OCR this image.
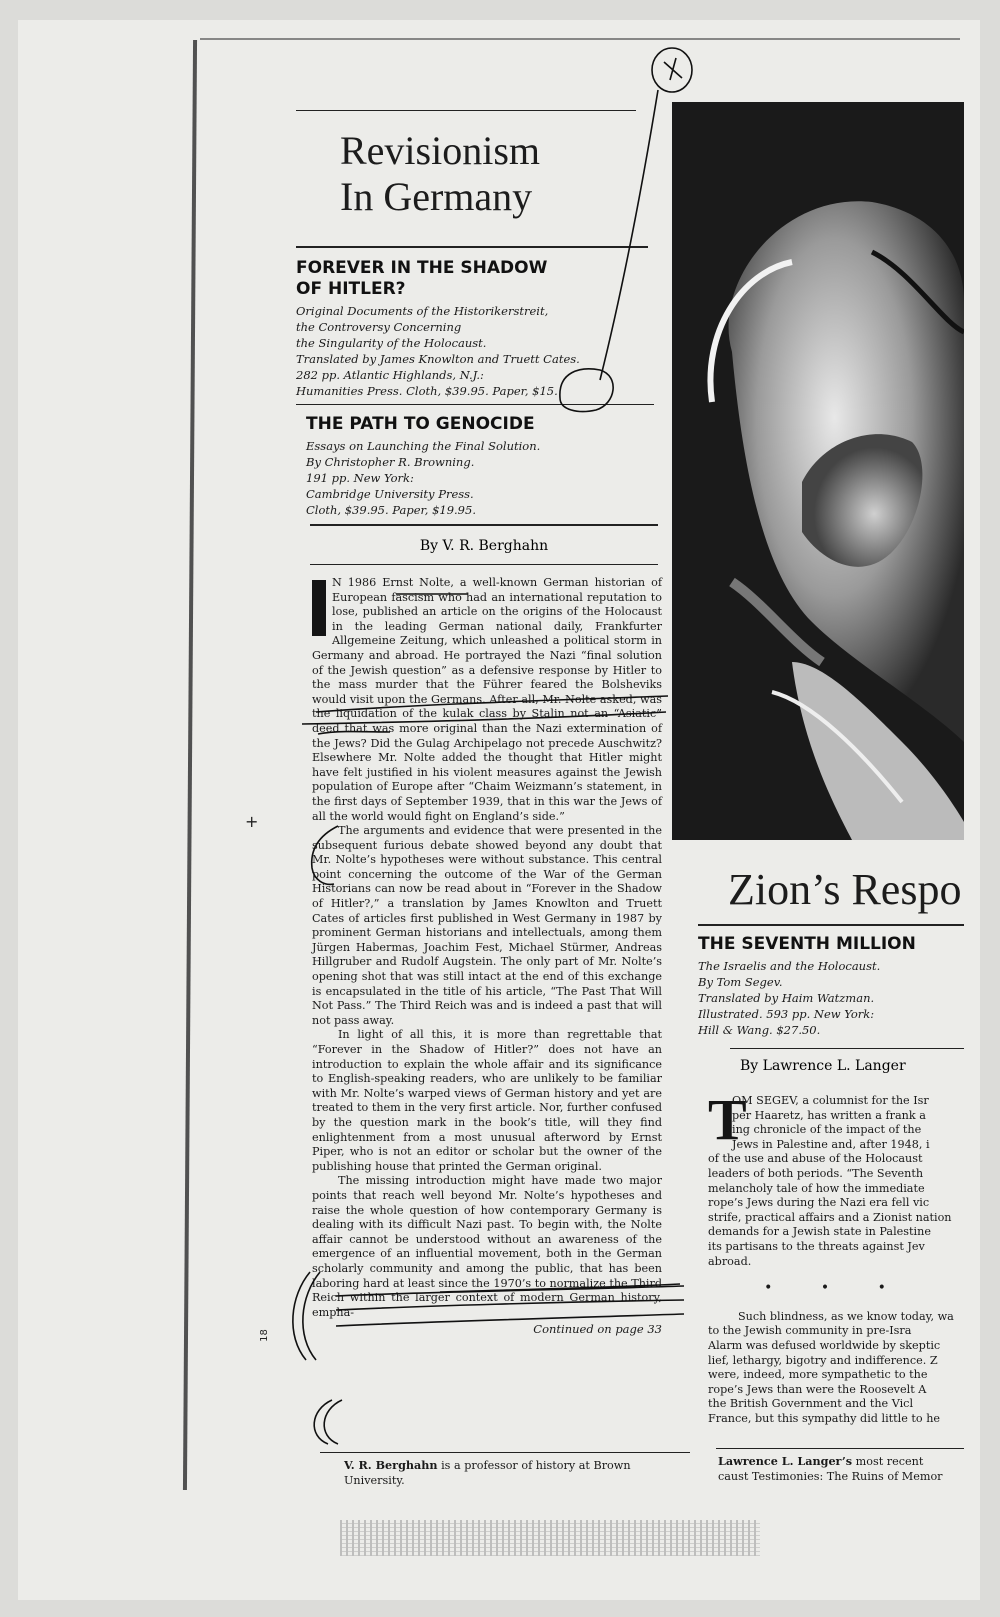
Revisionism
In Germany
FOREVER IN THE SHADOW OF HITLER?

Original Documents of the Historikerstreit,

the Controversy Concerning

the Singularity of the Holocaust.

Translated by James Knowlton and Truett Cates.

282 pp. Atlantic Highlands, N.J.:

Humanities Press. Cloth, $39.95. Paper, $15.

THE PATH TO GENOCIDE

Essays on Launching the Final Solution.

By Christopher R. Browning.

191 pp. New York:

Cambridge University Press.

Cloth, $39.95. Paper, $19.95.

By V. R. Berghahn
I	N 1986 Ernst Nolte, a well-known German historian of European fascism who had an international reputation to lose, published an article on the origins of the Holocaust in the leading German national daily, Frankfurter Allgemeine Zeitung, which unleashed a political storm in Germany and abroad. He portrayed the Nazi “final solution of the Jewish question” as a defensive response by Hitler to the mass murder that the Führer feared the Bolsheviks would visit upon the Germans. After all, Mr. Nolte asked, was the liquidation of the kulak class by Stalin not an “Asiatic” deed that was more original than the Nazi extermination of the Jews? Did the Gulag Archipelago not precede Auschwitz? Elsewhere Mr. Nolte added the thought that Hitler might have felt justified in his violent measures against the Jewish population of Europe after “Chaim Weizmann’s statement, in the first days of September 1939, that in this war the Jews of all the world would fight on England’s side.”

The arguments and evidence that were presented in the subsequent furious debate showed beyond any doubt that Mr. Nolte’s hypotheses were without substance. This central point concerning the outcome of the War of the German Historians can now be read about in “Forever in the Shadow of Hitler?,” a translation by James Knowlton and Truett Cates of articles first published in West Germany in 1987 by prominent German historians and intellectuals, among them Jürgen Habermas, Joachim Fest, Michael Stürmer, Andreas Hillgruber and Rudolf Augstein. The only part of Mr. Nolte’s opening shot that was still intact at the end of this exchange is encapsulated in the title of his article, “The Past That Will Not Pass.” The Third Reich was and is indeed a past that will not pass away.

In light of all this, it is more than regrettable that “Forever in the Shadow of Hitler?” does not have an introduction to explain the whole affair and its significance to English-speaking readers, who are unlikely to be familiar with Mr. Nolte’s warped views of German history and yet are treated to them in the very first article. Nor, further confused by the question mark in the book’s title, will they find enlightenment from a most unusual afterword by Ernst Piper, who is not an editor or scholar but the owner of the publishing house that printed the German original.

The missing introduction might have made two major points that reach well beyond Mr. Nolte’s hypotheses and raise the whole question of how contemporary Germany is dealing with its difficult Nazi past. To begin with, the Nolte affair cannot be understood without an awareness of the emergence of an influential movement, both in the German scholarly community and among the public, that has been laboring hard at least since the 1970’s to normalize the Third Reich within the larger context of modern German history, empha-

Continued on page 33
V. R. Berghahn is a professor of history at Brown University.
Zion’s Respo
THE SEVENTH MILLION

The Israelis and the Holocaust.

By Tom Segev.

Translated by Haim Watzman.

Illustrated. 593 pp. New York:

Hill & Wang. $27.50.

By Lawrence L. Langer
T
OM SEGEV, a columnist for the Isr
per Haaretz, has written a frank a
ing chronicle of the impact of the
Jews in Palestine and, after 1948, i
of the use and abuse of the Holocaust
leaders of both periods. “The Seventh
melancholy tale of how the immediate
rope’s Jews during the Nazi era fell vic
strife, practical affairs and a Zionist nation
demands for a Jewish state in Palestine
its partisans to the threats against Jev
abroad.
• • •
Such blindness, as we know today, wa
to the Jewish community in pre-Isra
Alarm was defused worldwide by skeptic
lief, lethargy, bigotry and indifference. Z
were, indeed, more sympathetic to the
rope’s Jews than were the Roosevelt A
the British Government and the Vicl
France, but this sympathy did little to he
Lawrence L. Langer’s most recent
caust Testimonies: The Ruins of Memor
18
+
